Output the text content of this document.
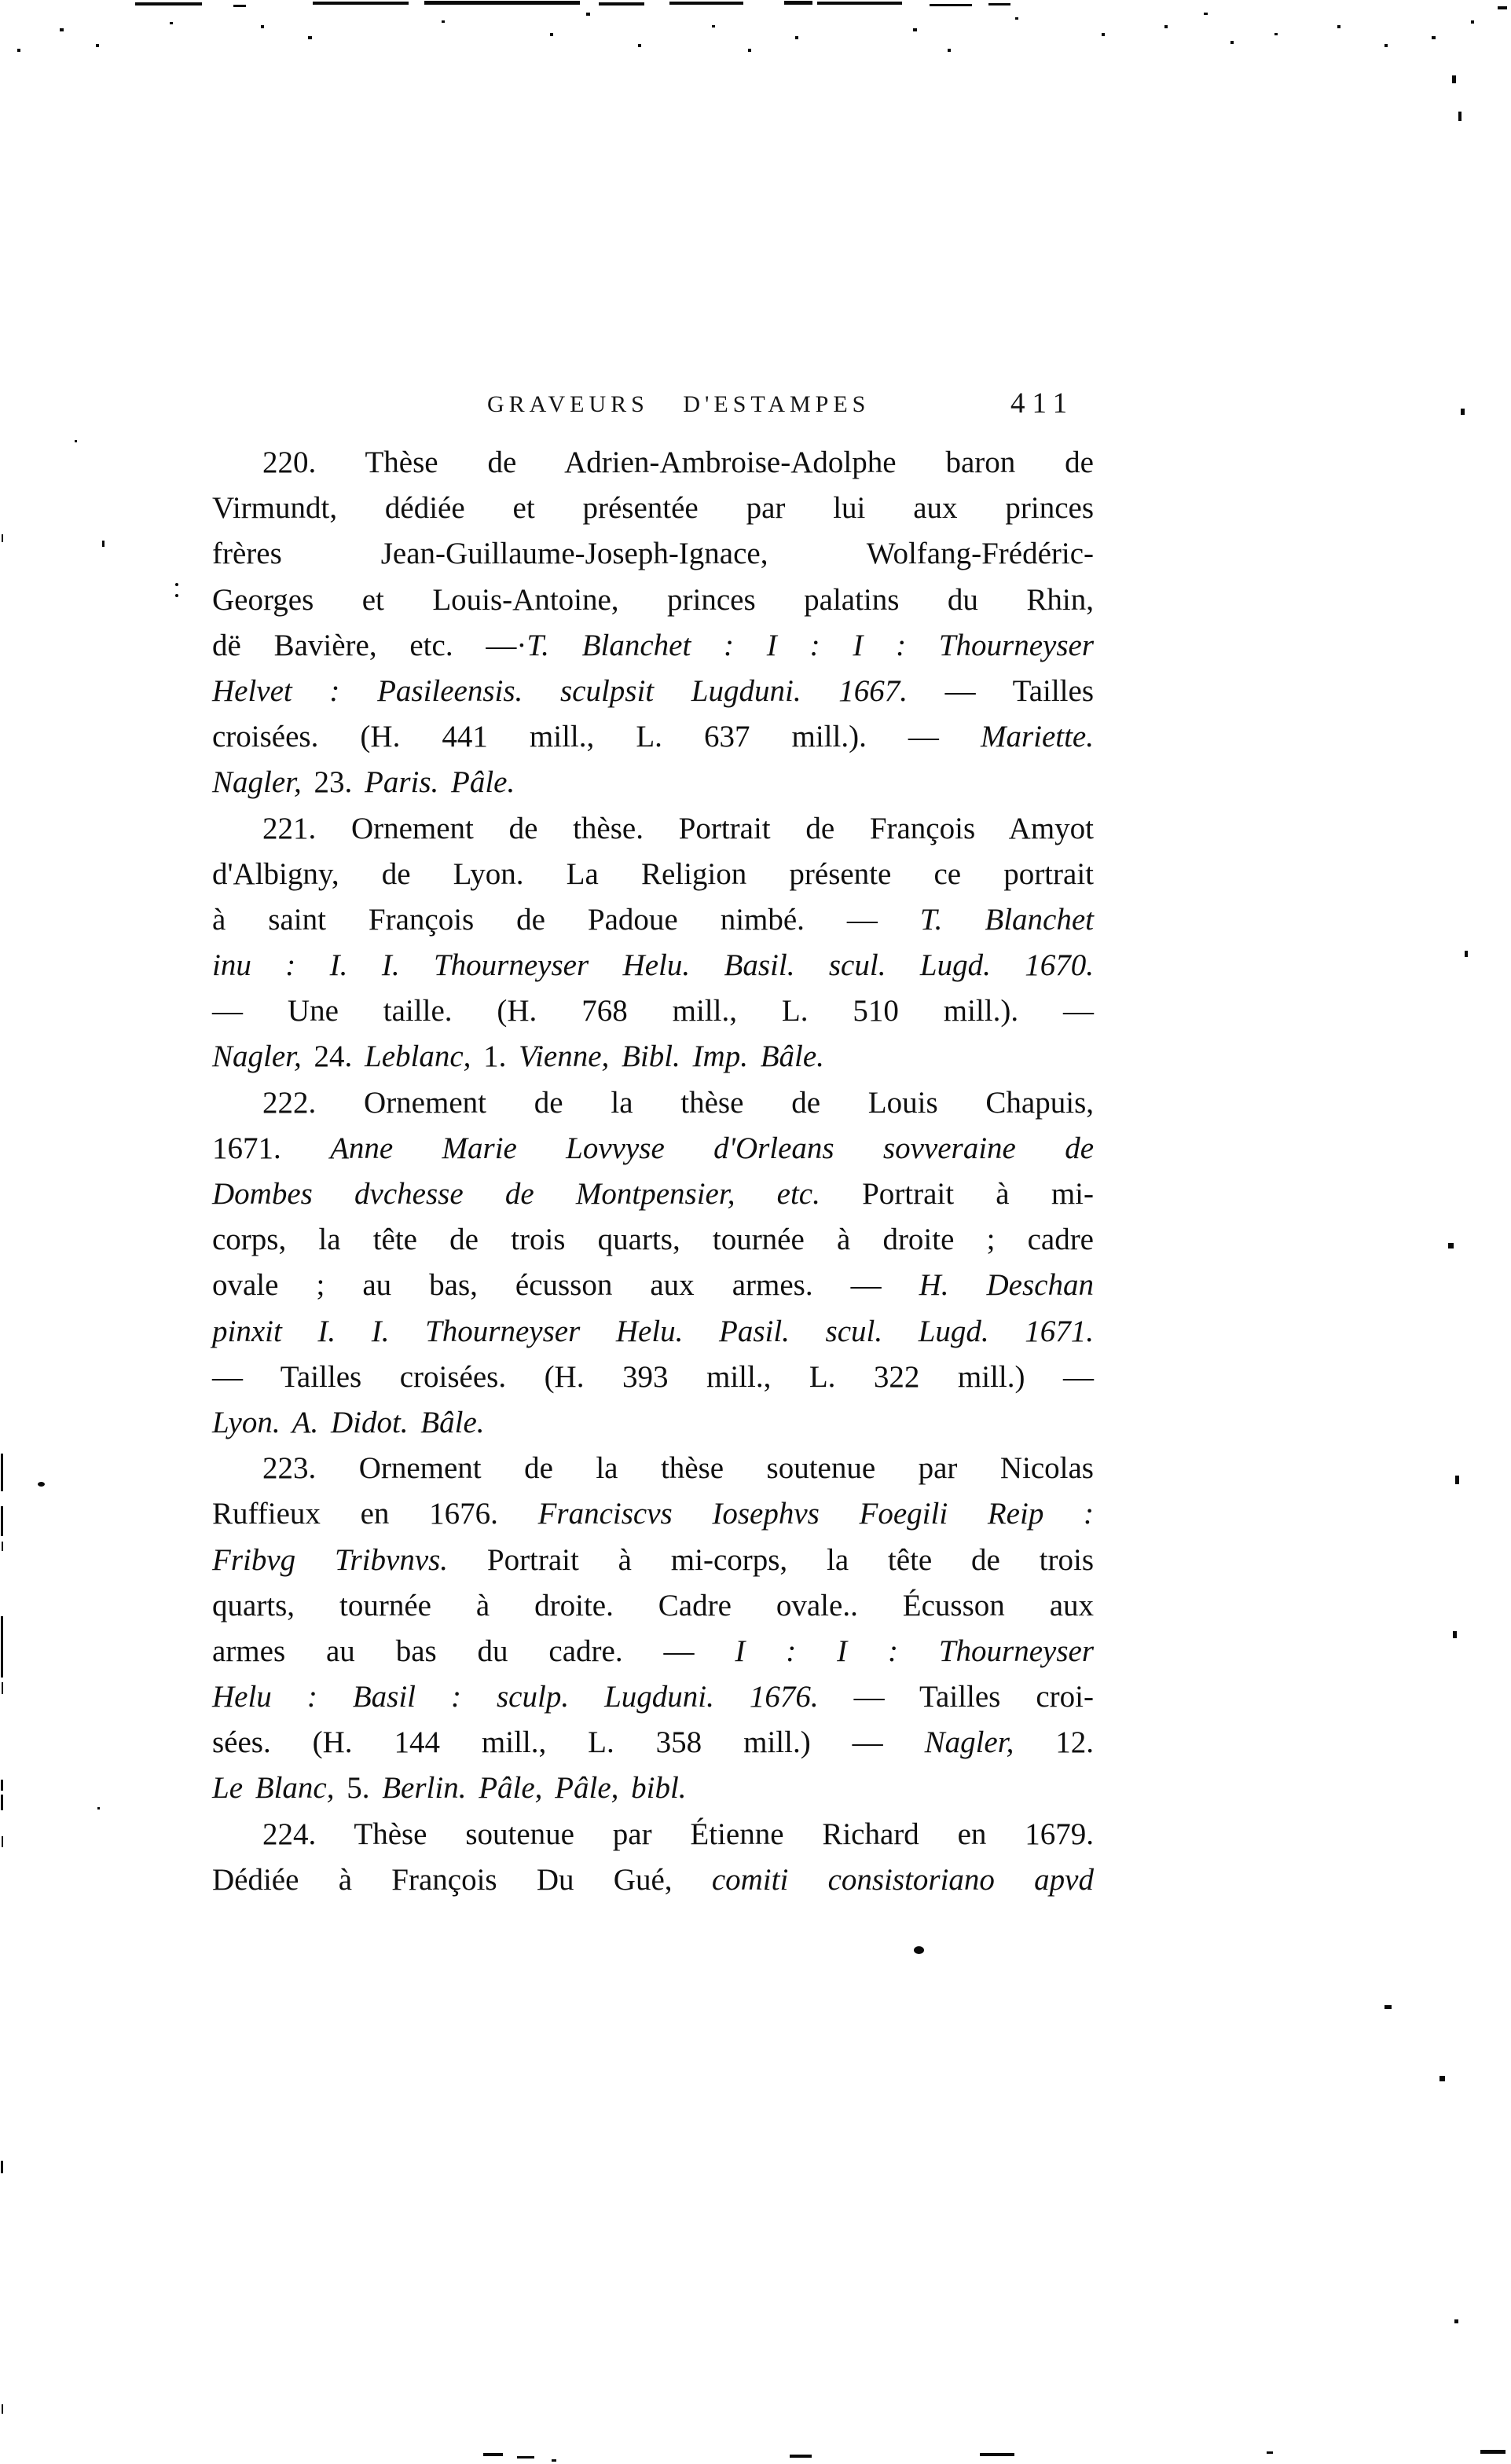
GRAVEURS D'ESTAMPES	411
220. Thèse de Adrien-Ambroise-Adolphe baron de
Virmundt, dédiée et présentée par lui aux princes
frères Jean-Guillaume-Joseph-Ignace, Wolfang-Frédéric-
Georges et Louis-Antoine, princes palatins du Rhin,
dë Bavière, etc. —·T. Blanchet : I : I : Thourneyser
Helvet : Pasileensis. sculpsit Lugduni. 1667. — Tailles
croisées. (H. 441 mill., L. 637 mill.). — Mariette.
Nagler, 23. Paris. Pâle.
221. Ornement de thèse. Portrait de François Amyot
d'Albigny, de Lyon. La Religion présente ce portrait
à saint François de Padoue nimbé. — T. Blanchet
inu : I. I. Thourneyser Helu. Basil. scul. Lugd. 1670.
— Une taille. (H. 768 mill., L. 510 mill.). —
Nagler, 24. Leblanc, 1. Vienne, Bibl. Imp. Bâle.
222. Ornement de la thèse de Louis Chapuis,
1671. Anne Marie Lovvyse d'Orleans sovveraine de
Dombes dvchesse de Montpensier, etc. Portrait à mi-
corps, la tête de trois quarts, tournée à droite ; cadre
ovale ; au bas, écusson aux armes. — H. Deschan
pinxit I. I. Thourneyser Helu. Pasil. scul. Lugd. 1671.
— Tailles croisées. (H. 393 mill., L. 322 mill.) —
Lyon. A. Didot. Bâle.
223. Ornement de la thèse soutenue par Nicolas
Ruffieux en 1676. Franciscvs Iosephvs Foegili Reip :
Fribvg Tribvnvs. Portrait à mi-corps, la tête de trois
quarts, tournée à droite. Cadre ovale.. Écusson aux
armes au bas du cadre. — I : I : Thourneyser
Helu : Basil : sculp. Lugduni. 1676. — Tailles croi-
sées. (H. 144 mill., L. 358 mill.) — Nagler, 12.
Le Blanc, 5. Berlin. Pâle, Pâle, bibl.
224. Thèse soutenue par Étienne Richard en 1679.
Dédiée à François Du Gué, comiti consistoriano apvd
